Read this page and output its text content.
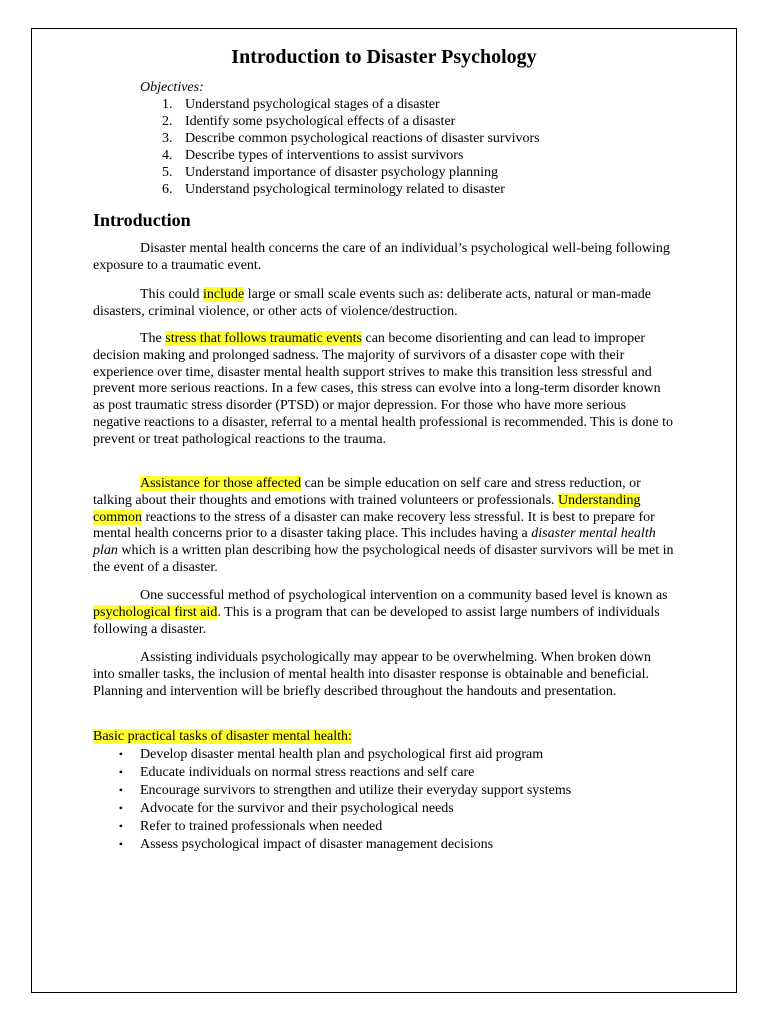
Introduction to Disaster Psychology
Objectives:
1. Understand psychological stages of a disaster
2. Identify some psychological effects of a disaster
3. Describe common psychological reactions of disaster survivors
4. Describe types of interventions to assist survivors
5. Understand importance of disaster psychology planning
6. Understand psychological terminology related to disaster
Introduction

Disaster mental health concerns the care of an individual’s psychological well-being following exposure to a traumatic event.

This could include large or small scale events such as: deliberate acts, natural or man-made disasters, criminal violence, or other acts of violence/destruction.

The stress that follows traumatic events can become disorienting and can lead to improper decision making and prolonged sadness. The majority of survivors of a disaster cope with their experience over time, disaster mental health support strives to make this transition less stressful and prevent more serious reactions. In a few cases, this stress can evolve into a long-term disorder known as post traumatic stress disorder (PTSD) or major depression. For those who have more serious negative reactions to a disaster, referral to a mental health professional is recommended. This is done to prevent or treat pathological reactions to the trauma.

Assistance for those affected can be simple education on self care and stress reduction, or talking about their thoughts and emotions with trained volunteers or professionals. Understanding common reactions to the stress of a disaster can make recovery less stressful. It is best to prepare for mental health concerns prior to a disaster taking place. This includes having a disaster mental health plan which is a written plan describing how the psychological needs of disaster survivors will be met in the event of a disaster.

One successful method of psychological intervention on a community based level is known as psychological first aid. This is a program that can be developed to assist large numbers of individuals following a disaster.

Assisting individuals psychologically may appear to be overwhelming. When broken down into smaller tasks, the inclusion of mental health into disaster response is obtainable and beneficial. Planning and intervention will be briefly described throughout the handouts and presentation.

Basic practical tasks of disaster mental health:
• Develop disaster mental health plan and psychological first aid program
• Educate individuals on normal stress reactions and self care
• Encourage survivors to strengthen and utilize their everyday support systems
• Advocate for the survivor and their psychological needs
• Refer to trained professionals when needed
• Assess psychological impact of disaster management decisions
